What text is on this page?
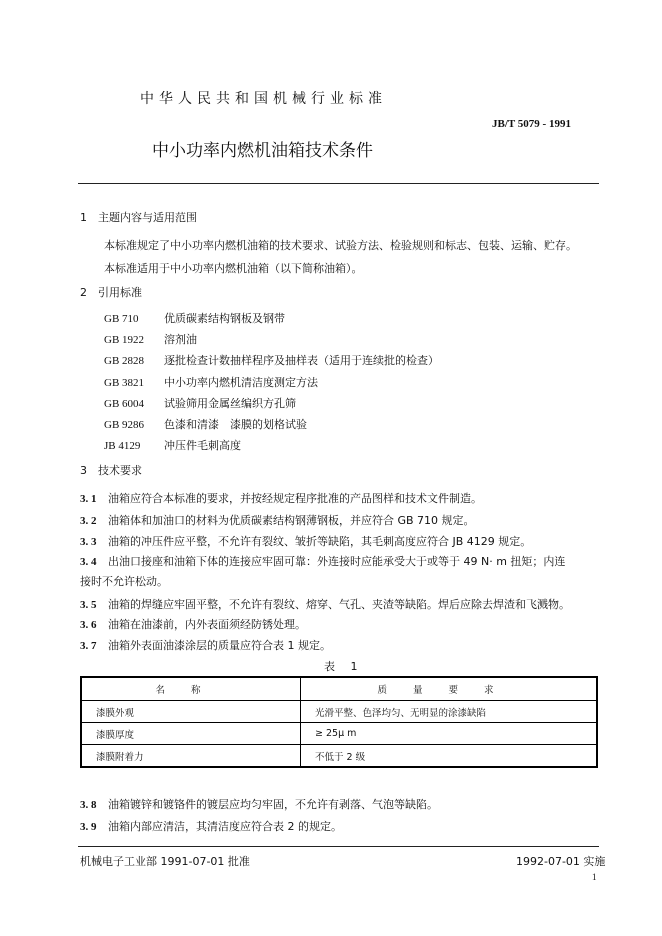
中华人民共和国机械行业标准
JB/T 5079 - 1991
中小功率内燃机油箱技术条件
1 主题内容与适用范围
本标准规定了中小功率内燃机油箱的技术要求、试验方法、检验规则和标志、包装、运输、贮存。
本标准适用于中小功率内燃机油箱（以下简称油箱）。
2 引用标准
GB 710 优质碳素结构钢板及钢带
GB 1922 溶剂油
GB 2828 逐批检查计数抽样程序及抽样表（适用于连续批的检查）
GB 3821 中小功率内燃机清洁度测定方法
GB 6004 试验筛用金属丝编织方孔筛
GB 9286 色漆和清漆　漆膜的划格试验
JB 4129 冲压件毛刺高度
3 技术要求
3. 1 油箱应符合本标准的要求，并按经规定程序批准的产品图样和技术文件制造。
3. 2 油箱体和加油口的材料为优质碳素结构钢薄钢板，并应符合 GB 710 规定。
3. 3 油箱的冲压件应平整，不允许有裂纹、皱折等缺陷，其毛刺高度应符合 JB 4129 规定。
3. 4 出油口接座和油箱下体的连接应牢固可靠：外连接时应能承受大于或等于 49 N· m 扭矩；内连
接时不允许松动。
3. 5 油箱的焊缝应牢固平整，不允许有裂纹、熔穿、气孔、夹渣等缺陷。焊后应除去焊渣和飞溅物。
3. 6 油箱在油漆前，内外表面须经防锈处理。
3. 7 油箱外表面油漆涂层的质量应符合表 1 规定。
表 1
名称	质量要求
漆膜外观	光滑平整、色泽均匀、无明显的涂漆缺陷
漆膜厚度	≥ 25μ m
漆膜附着力	不低于 2 级
3. 8 油箱镀锌和镀铬件的镀层应均匀牢固，不允许有剥落、气泡等缺陷。
3. 9 油箱内部应清洁，其清洁度应符合表 2 的规定。
机械电子工业部 1991-07-01 批准	1992-07-01 实施
1
